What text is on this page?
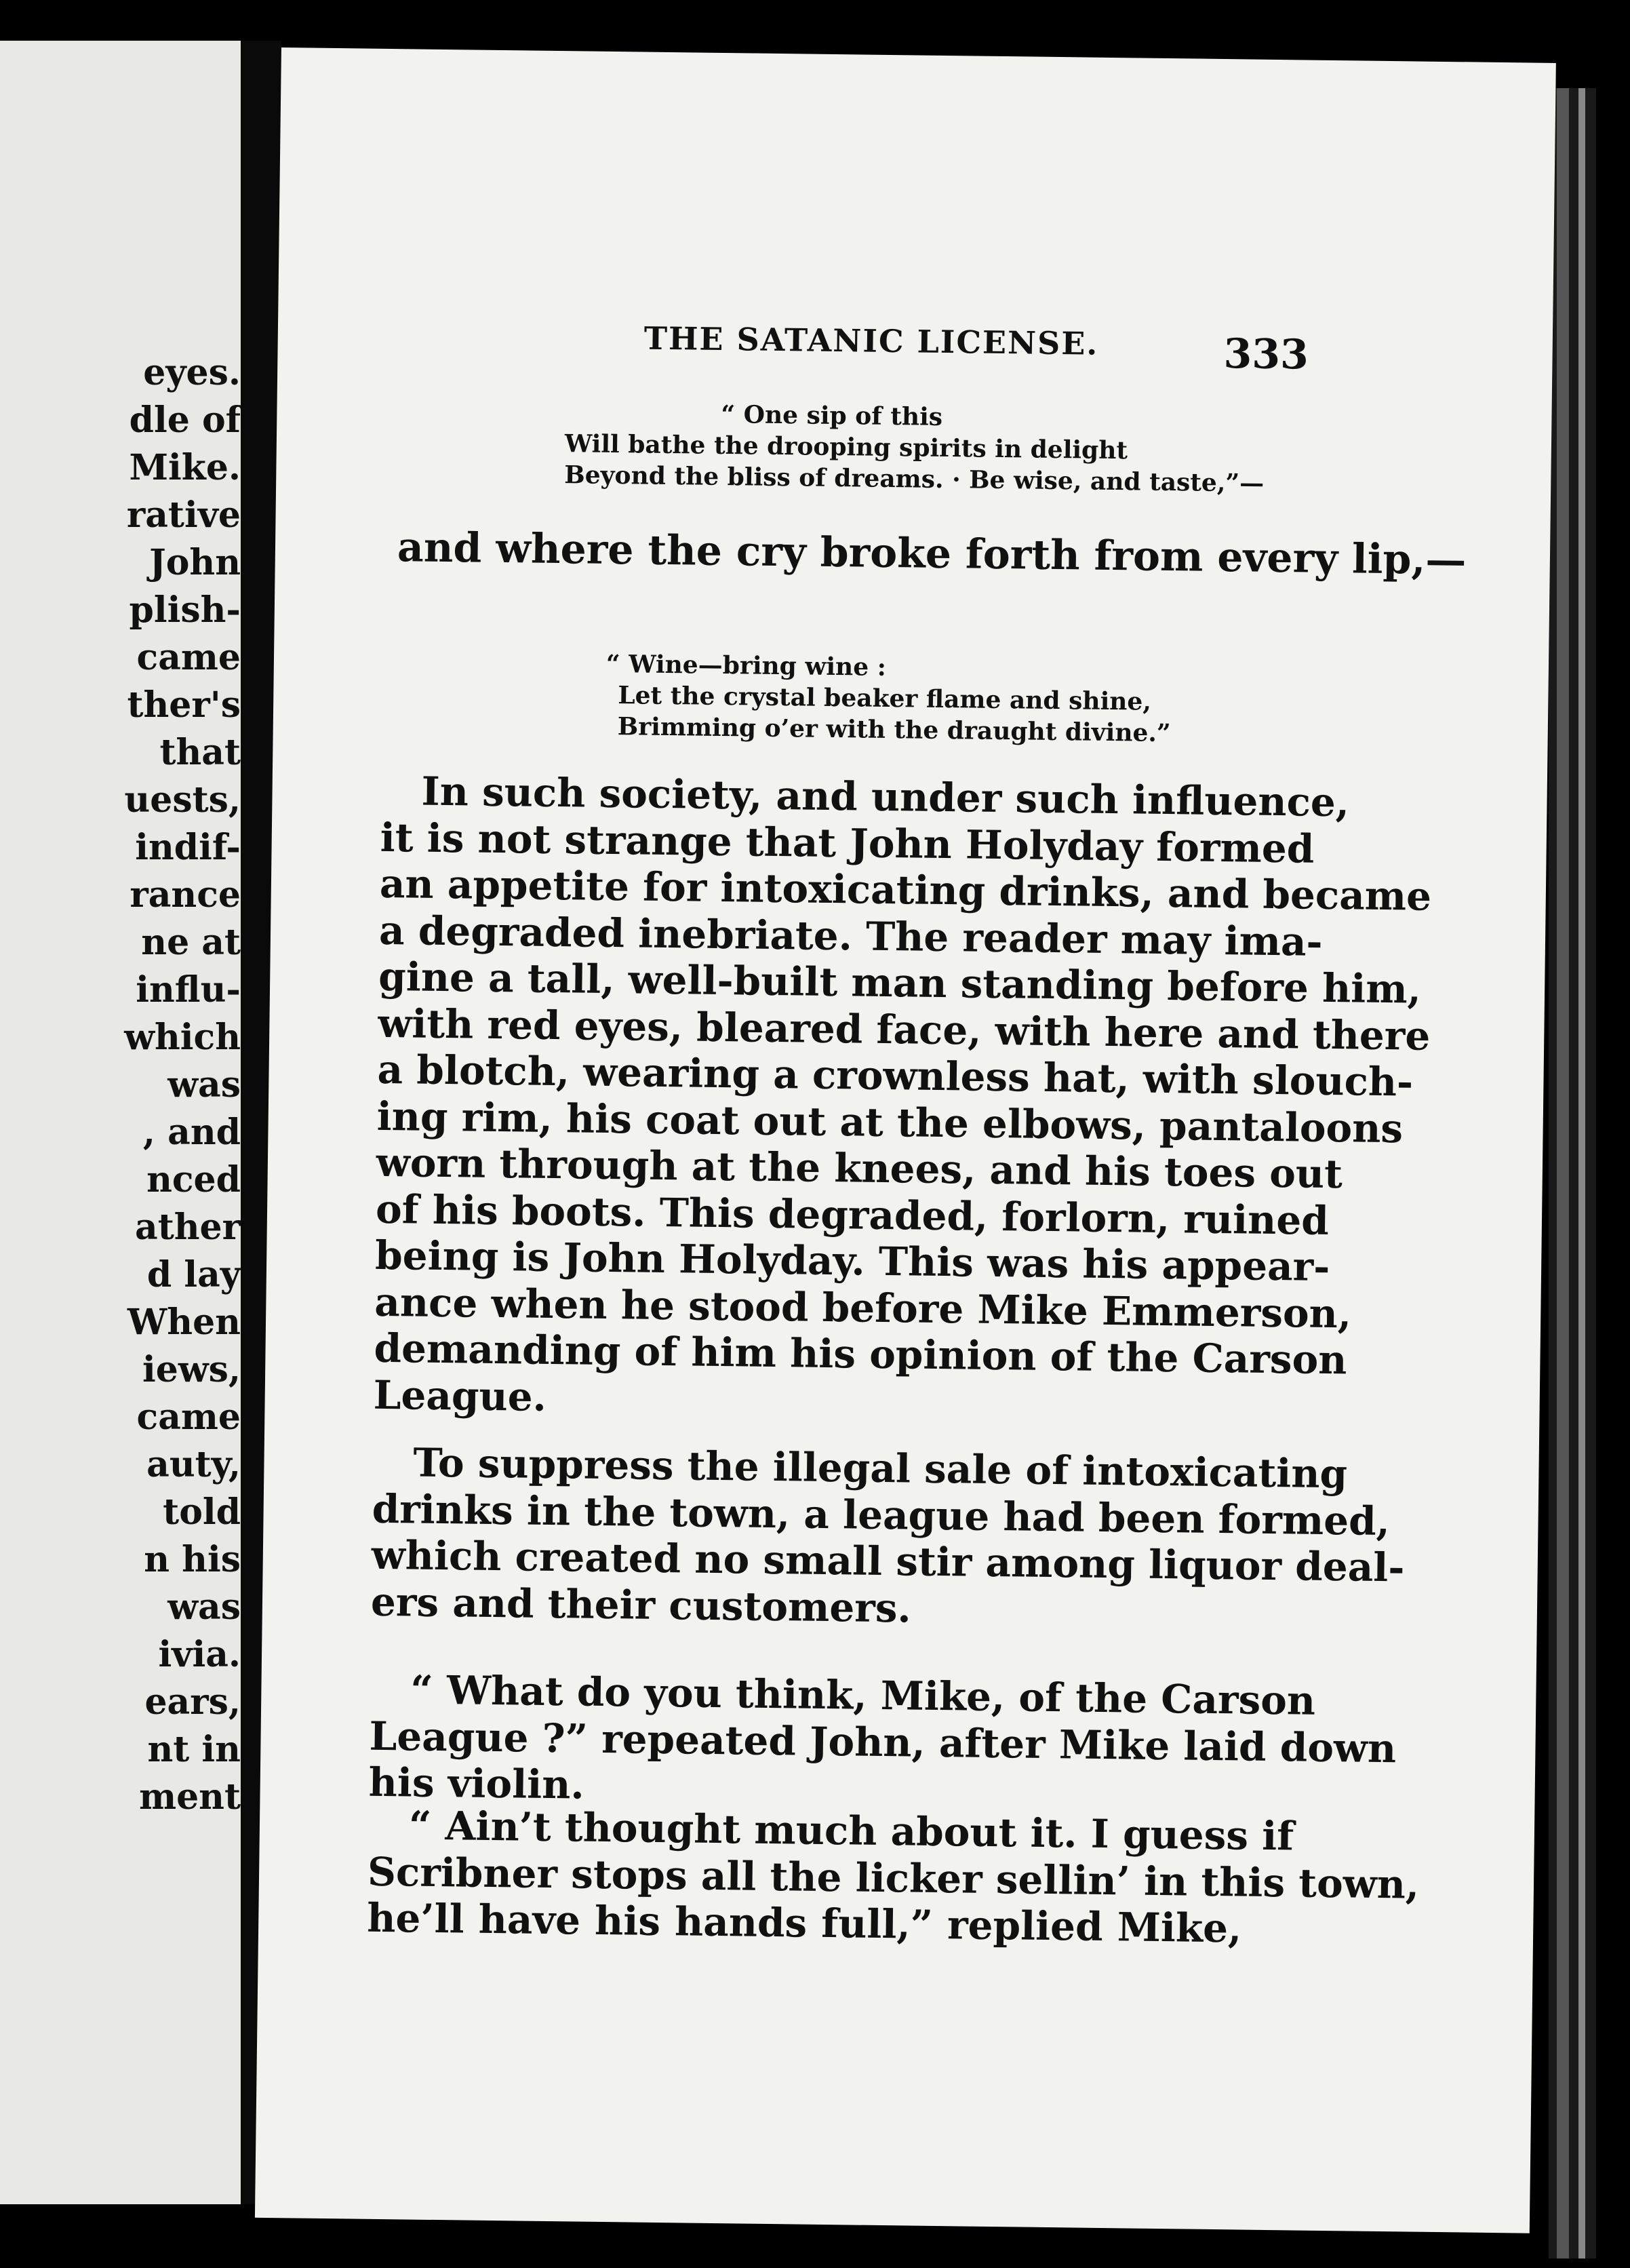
eyes.
dle of
Mike.
rative
John
plish-
came
ther's
that
uests,
indif-
rance
ne at
influ-
which
was
, and
nced
ather
d lay
When
iews,
came
auty,
told
n his
was
ivia.
ears,
nt in
ment
THE SATANIC LICENSE.	333
“ One sip of this
Will bathe the drooping spirits in delight
Beyond the bliss of dreams. · Be wise, and taste,”—
and where the cry broke forth from every lip,—
“ Wine—bring wine :
Let the crystal beaker flame and shine,
Brimming o’er with the draught divine.”
In such society, and under such influence,
it is not strange that John Holyday formed
an appetite for intoxicating drinks, and became
a degraded inebriate. The reader may ima-
gine a tall, well-built man standing before him,
with red eyes, bleared face, with here and there
a blotch, wearing a crownless hat, with slouch-
ing rim, his coat out at the elbows, pantaloons
worn through at the knees, and his toes out
of his boots. This degraded, forlorn, ruined
being is John Holyday. This was his appear-
ance when he stood before Mike Emmerson,
demanding of him his opinion of the Carson
League.
To suppress the illegal sale of intoxicating
drinks in the town, a league had been formed,
which created no small stir among liquor deal-
ers and their customers.
“ What do you think, Mike, of the Carson
League ?” repeated John, after Mike laid down
his violin.
“ Ain’t thought much about it. I guess if
Scribner stops all the licker sellin’ in this town,
he’ll have his hands full,” replied Mike,
